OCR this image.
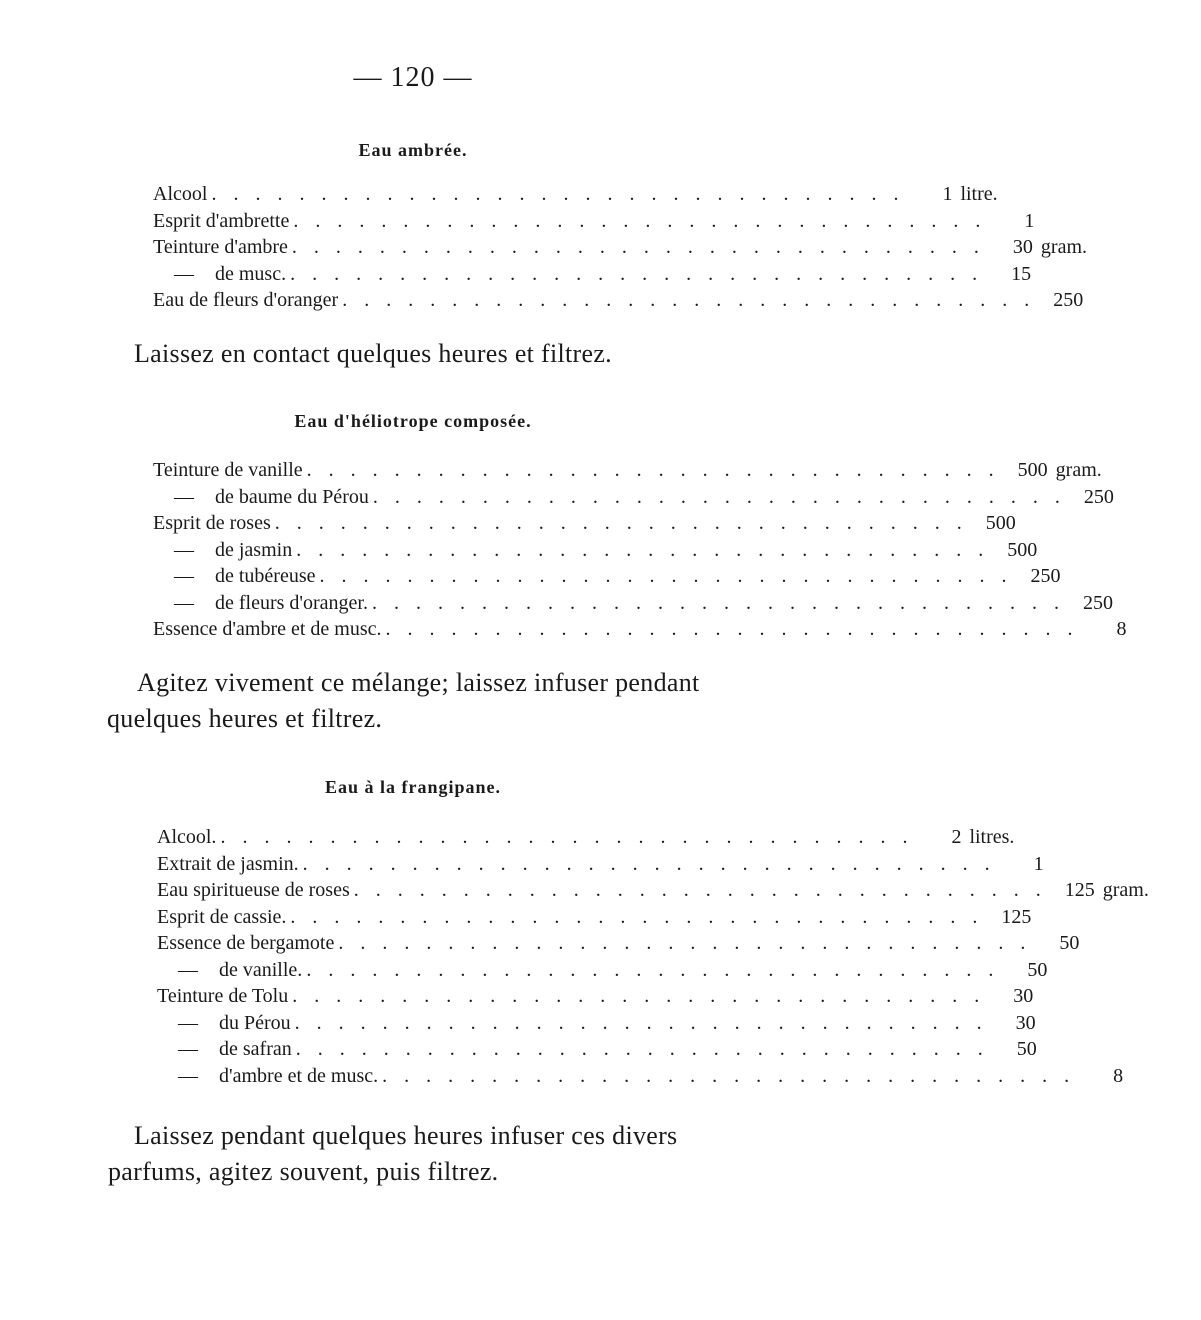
— 120 —
Eau ambrée.
Alcool . . . . . . . . . . . . . . . . . . . . . . . . . . . . . . . .	1 litre.
Esprit d'ambrette . . . . . . . . . . . . . . . . . . . . . . . . . . . . . . . .	1
Teinture d'ambre . . . . . . . . . . . . . . . . . . . . . . . . . . . . . . . .	30 gram.
—	de musc. . . . . . . . . . . . . . . . . . . . . . . . . . . . . . . . .	15
Eau de fleurs d'oranger . . . . . . . . . . . . . . . . . . . . . . . . . . . . . . . . 250
Laissez en contact quelques heures et filtrez.
Eau d'héliotrope composée.
Teinture de vanille . . . . . . . . . . . . . . . . . . . . . . . . . . . . . . . . 500 gram.
—	de baume du Pérou . . . . . . . . . . . . . . . . . . . . . . . . . . . . . . . . 250
Esprit de roses . . . . . . . . . . . . . . . . . . . . . . . . . . . . . . . . 500
—	de jasmin . . . . . . . . . . . . . . . . . . . . . . . . . . . . . . . . 500
—	de tubéreuse . . . . . . . . . . . . . . . . . . . . . . . . . . . . . . . . 250
—	de fleurs d'oranger. . . . . . . . . . . . . . . . . . . . . . . . . . . . . . . . . 250
Essence d'ambre et de musc. . . . . . . . . . . . . . . . . . . . . . . . . . . . . . . . .	8
Agitez vivement ce mélange; laissez infuser pendant
quelques heures et filtrez.
Eau à la frangipane.
Alcool. . . . . . . . . . . . . . . . . . . . . . . . . . . . . . . . .	2 litres.
Extrait de jasmin. . . . . . . . . . . . . . . . . . . . . . . . . . . . . . . . .	1
Eau spiritueuse de roses . . . . . . . . . . . . . . . . . . . . . . . . . . . . . . . . 125 gram.
Esprit de cassie. . . . . . . . . . . . . . . . . . . . . . . . . . . . . . . . . 125
Essence de bergamote . . . . . . . . . . . . . . . . . . . . . . . . . . . . . . . .	50
—	de vanille. . . . . . . . . . . . . . . . . . . . . . . . . . . . . . . . .	50
Teinture de Tolu . . . . . . . . . . . . . . . . . . . . . . . . . . . . . . . .	30
—	du Pérou . . . . . . . . . . . . . . . . . . . . . . . . . . . . . . . .	30
—	de safran . . . . . . . . . . . . . . . . . . . . . . . . . . . . . . . .	50
—	d'ambre et de musc. . . . . . . . . . . . . . . . . . . . . . . . . . . . . . . . .	8
Laissez pendant quelques heures infuser ces divers
parfums, agitez souvent, puis filtrez.
